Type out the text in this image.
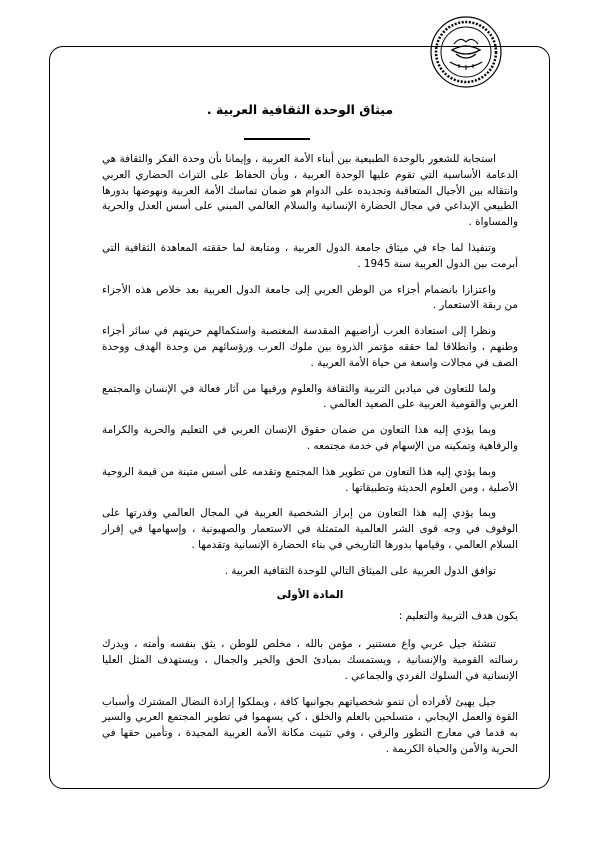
ميثاق الوحدة الثقافية العربية .

استجابة للشعور بالوحدة الطبيعية بين أبناء الأمة العربية ، وإيمانا بأن وحدة الفكر والثقافة هي الدعامة الأساسية التي تقوم عليها الوحدة العربية ، وبأن الحفاظ على التراث الحضاري العربي وانتقاله بين الأجيال المتعاقبة وتجديده على الدوام هو ضمان تماسك الأمة العربية ونهوضها بدورها الطبيعي الإبداعي في مجال الحضارة الإنسانية والسلام العالمي المبني على أسس العدل والحرية والمساواة .

وتنفيذا لما جاء في ميثاق جامعة الدول العربية ، ومتابعة لما حققته المعاهدة الثقافية التي أبرمت بين الدول العربية سنة 1945 .

واعتزازا بانضمام أجزاء من الوطن العربي إلى جامعة الدول العربية بعد خلاص هذه الأجزاء من ربقة الاستعمار .

ونظرا إلى استعادة العرب أراضيهم المقدسة المغتصبة واستكمالهم حريتهم في سائر أجزاء وطنهم ، وانطلاقا لما حققه مؤتمر الذروة بين ملوك العرب ورؤسائهم من وحدة الهدف ووحدة الصف في مجالات واسعة من حياة الأمة العربية .

ولما للتعاون في ميادين التربية والثقافة والعلوم ورقيها من آثار فعالة في الإنسان والمجتمع العربي والقومية العربية على الصعيد العالمي .

وبما يؤدي إليه هذا التعاون من ضمان حقوق الإنسان العربي في التعليم والحرية والكرامة والرفاهية وتمكينه من الإسهام في خدمة مجتمعه .

وبما يؤدي إليه هذا التعاون من تطوير هذا المجتمع وتقدمه على أسس متينة من قيمة الروحية الأصلية ، ومن العلوم الحديثة وتطبيقاتها .

وبما يؤدي إليه هذا التعاون من إبراز الشخصية العربية في المجال العالمي وقدرتها على الوقوف في وجه قوى الشر العالمية المتمثلة في الاستعمار والصهيونية ، وإسهامها في إقرار السلام العالمي ، وقيامها بدورها التاريخي في بناء الحضارة الإنسانية وتقدمها .

توافق الدول العربية على الميثاق التالي للوحدة الثقافية العربية .

المادة الأولى

يكون هدف التربية والتعليم :

تنشئة جيل عربي واع مستنير ، مؤمن بالله ، مخلص للوطن ، يثق بنفسه وأمته ، ويدرك رسالته القومية والإنسانية ، ويستمسك بمبادئ الحق والخير والجمال ، ويستهدف المثل العليا الإنسانية في السلوك الفردي والجماعي .

جيل يهيئ لأفراده أن تنمو شخصياتهم بجوانبها كافة ، ويملكوا إرادة النضال المشترك وأسباب القوة والعمل الإيجابي ، متسلحين بالعلم والخلق ، كي يسهموا في تطوير المجتمع العربي والسير به قدما في معارج التطور والرقي ، وفي تثبيت مكانة الأمة العربية المجيدة ، وتأمين حقها في الحرية والأمن والحياة الكريمة .
